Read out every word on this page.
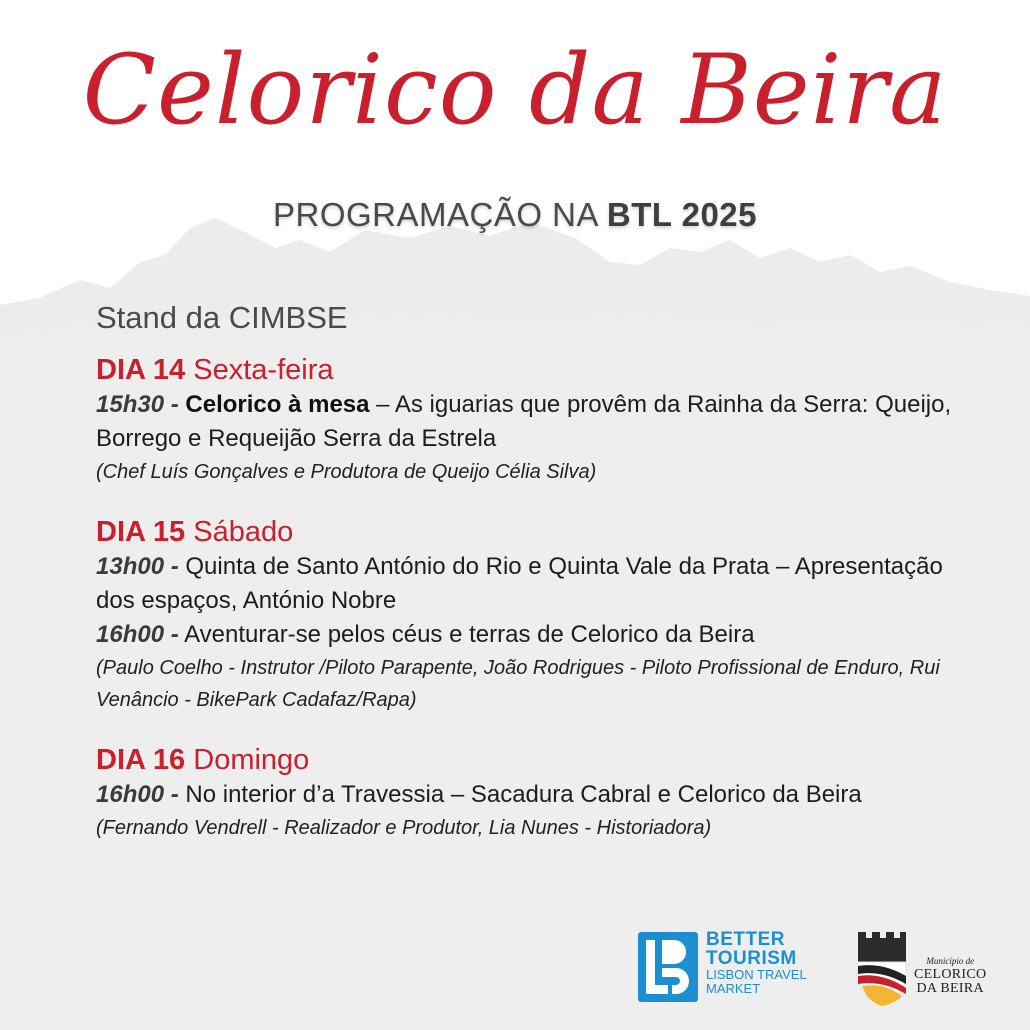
Celorico da Beira
PROGRAMAÇÃO NA BTL 2025
Stand da CIMBSE
DIA 14 Sexta-feira
15h30 - Celorico à mesa – As iguarias que provêm da Rainha da Serra: Queijo, Borrego e Requeijão Serra da Estrela
(Chef Luís Gonçalves e Produtora de Queijo Célia Silva)
DIA 15 Sábado
13h00 - Quinta de Santo António do Rio e Quinta Vale da Prata – Apresentação dos espaços, António Nobre
16h00 - Aventurar-se pelos céus e terras de Celorico da Beira
(Paulo Coelho - Instrutor /Piloto Parapente, João Rodrigues - Piloto Profissional de Enduro, Rui Venâncio - BikePark Cadafaz/Rapa)
DIA 16 Domingo
16h00 - No interior d’a Travessia – Sacadura Cabral e Celorico da Beira
(Fernando Vendrell - Realizador e Produtor, Lia Nunes - Historiadora)
BETTER
TOURISM
LISBON TRAVEL
MARKET
Município de
CELORICO
DA BEIRA
